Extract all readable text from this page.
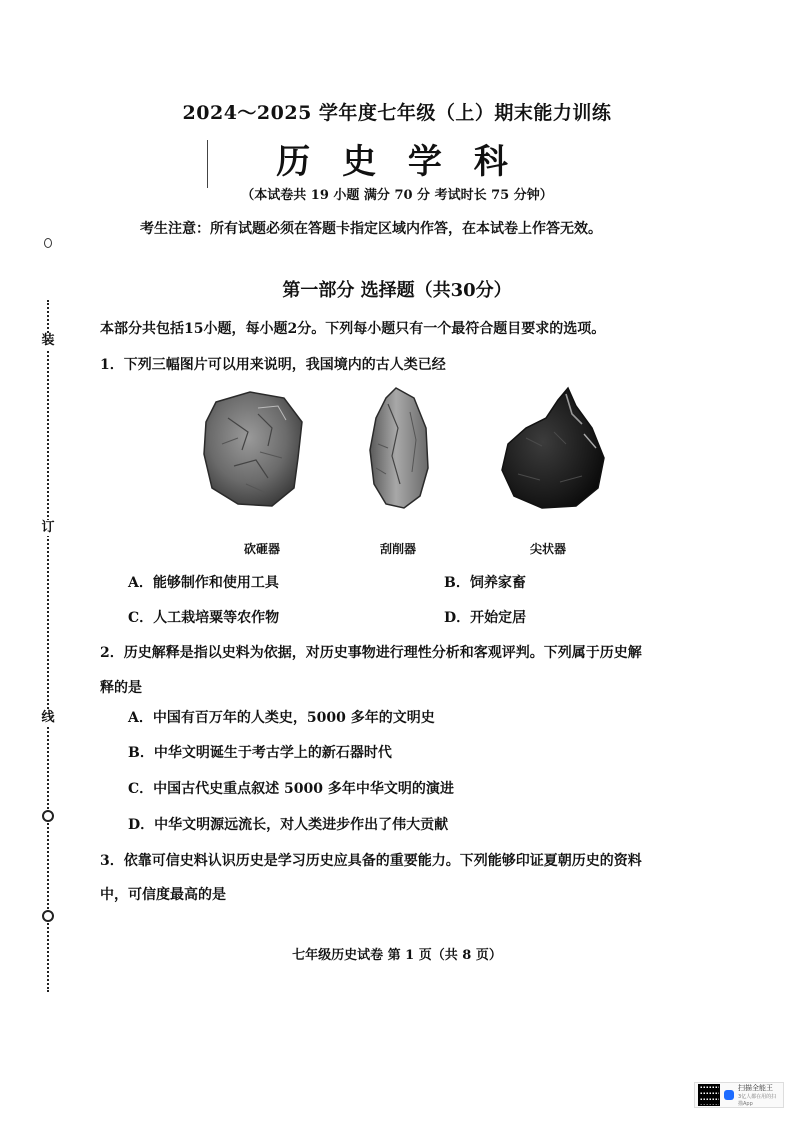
装
订
线
2024～2025 学年度七年级（上）期末能力训练
历 史 学 科
（本试卷共 19 小题 满分 70 分 考试时长 75 分钟）
考生注意：所有试题必须在答题卡指定区域内作答，在本试卷上作答无效。
第一部分 选择题（共30分）
本部分共包括15小题，每小题2分。下列每小题只有一个最符合题目要求的选项。
1．下列三幅图片可以用来说明，我国境内的古人类已经
砍砸器	刮削器	尖状器
A．能够制作和使用工具	B．饲养家畜
C．人工栽培粟等农作物	D．开始定居
2．历史解释是指以史料为依据，对历史事物进行理性分析和客观评判。下列属于历史解
释的是
A．中国有百万年的人类史，5000 多年的文明史
B．中华文明诞生于考古学上的新石器时代
C．中国古代史重点叙述 5000 多年中华文明的演进
D．中华文明源远流长，对人类进步作出了伟大贡献
3．依靠可信史料认识历史是学习历史应具备的重要能力。下列能够印证夏朝历史的资料
中，可信度最高的是
七年级历史试卷 第 1 页（共 8 页）
扫描全能王
3亿人都在用的扫描App
